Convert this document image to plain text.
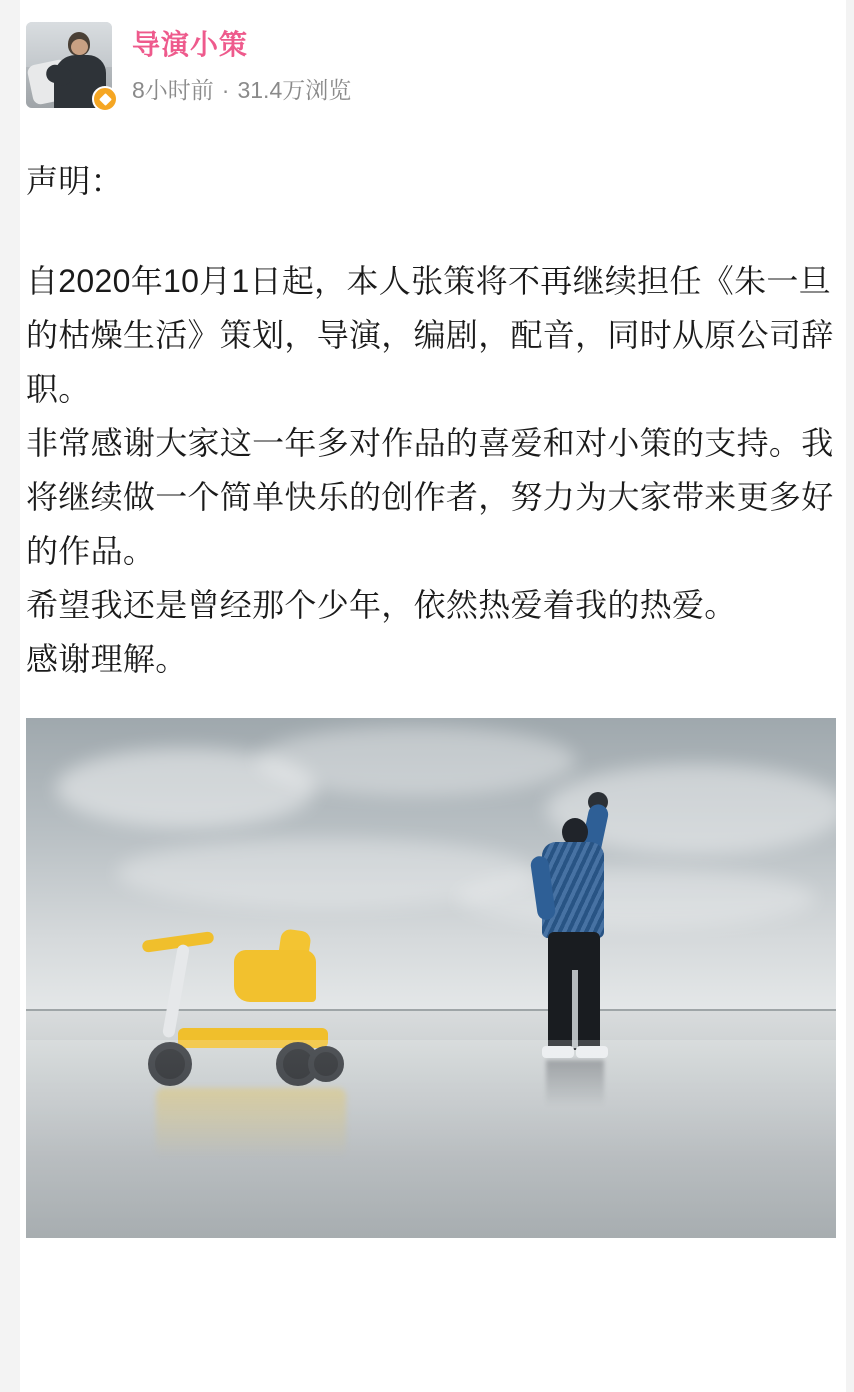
导演小策
8小时前 · 31.4万浏览

声明：

自2020年10月1日起，本人张策将不再继续担任《朱一旦的枯燥生活》策划，导演，编剧，配音，同时从原公司辞职。

非常感谢大家这一年多对作品的喜爱和对小策的支持。我将继续做一个简单快乐的创作者，努力为大家带来更多好的作品。

希望我还是曾经那个少年，依然热爱着我的热爱。

感谢理解。
